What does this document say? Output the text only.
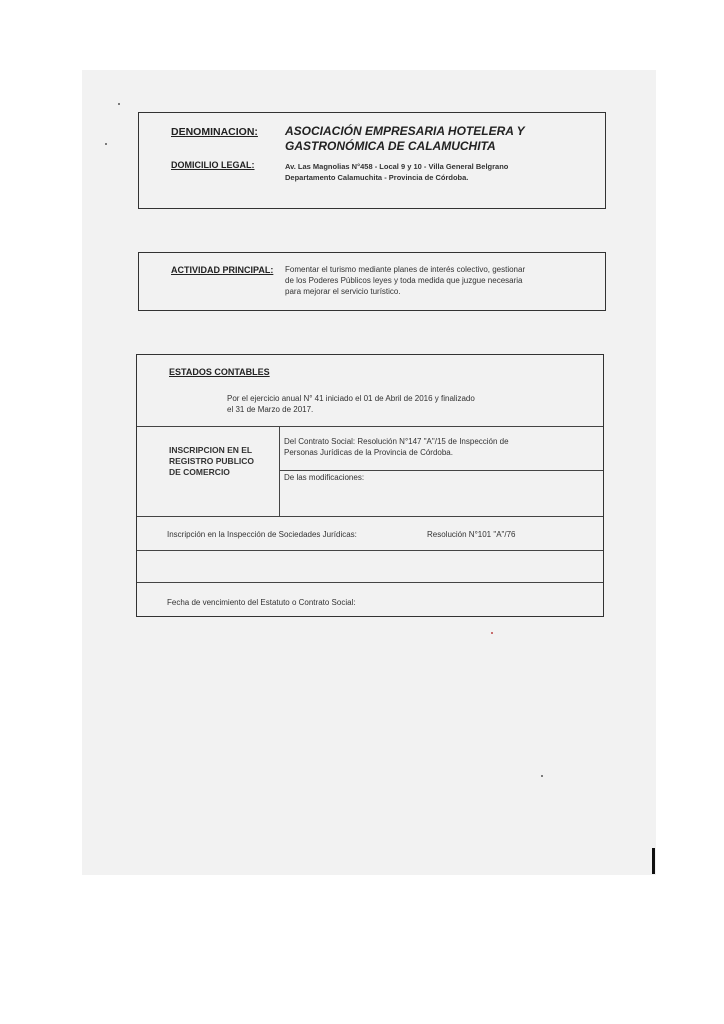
DENOMINACION: ASOCIACIÓN EMPRESARIA HOTELERA Y
GASTRONÓMICA DE CALAMUCHITA
DOMICILIO LEGAL:	Av. Las Magnolias N°458 - Local 9 y 10 - Villa General Belgrano
Departamento Calamuchita - Provincia de Córdoba.
ACTIVIDAD PRINCIPAL: Fomentar el turismo mediante planes de interés colectivo, gestionar
de los Poderes Públicos leyes y toda medida que juzgue necesaria
para mejorar el servicio turístico.
ESTADOS CONTABLES
Por el ejercicio anual N° 41 iniciado el 01 de Abril de 2016 y finalizado
el 31 de Marzo de 2017.
INSCRIPCION EN EL
REGISTRO PUBLICO
DE COMERCIO
Del Contrato Social: Resolución N°147 "A"/15 de Inspección de
Personas Jurídicas de la Provincia de Córdoba.
De las modificaciones:
Inscripción en la Inspección de Sociedades Jurídicas:	Resolución N°101 "A"/76
Fecha de vencimiento del Estatuto o Contrato Social:
